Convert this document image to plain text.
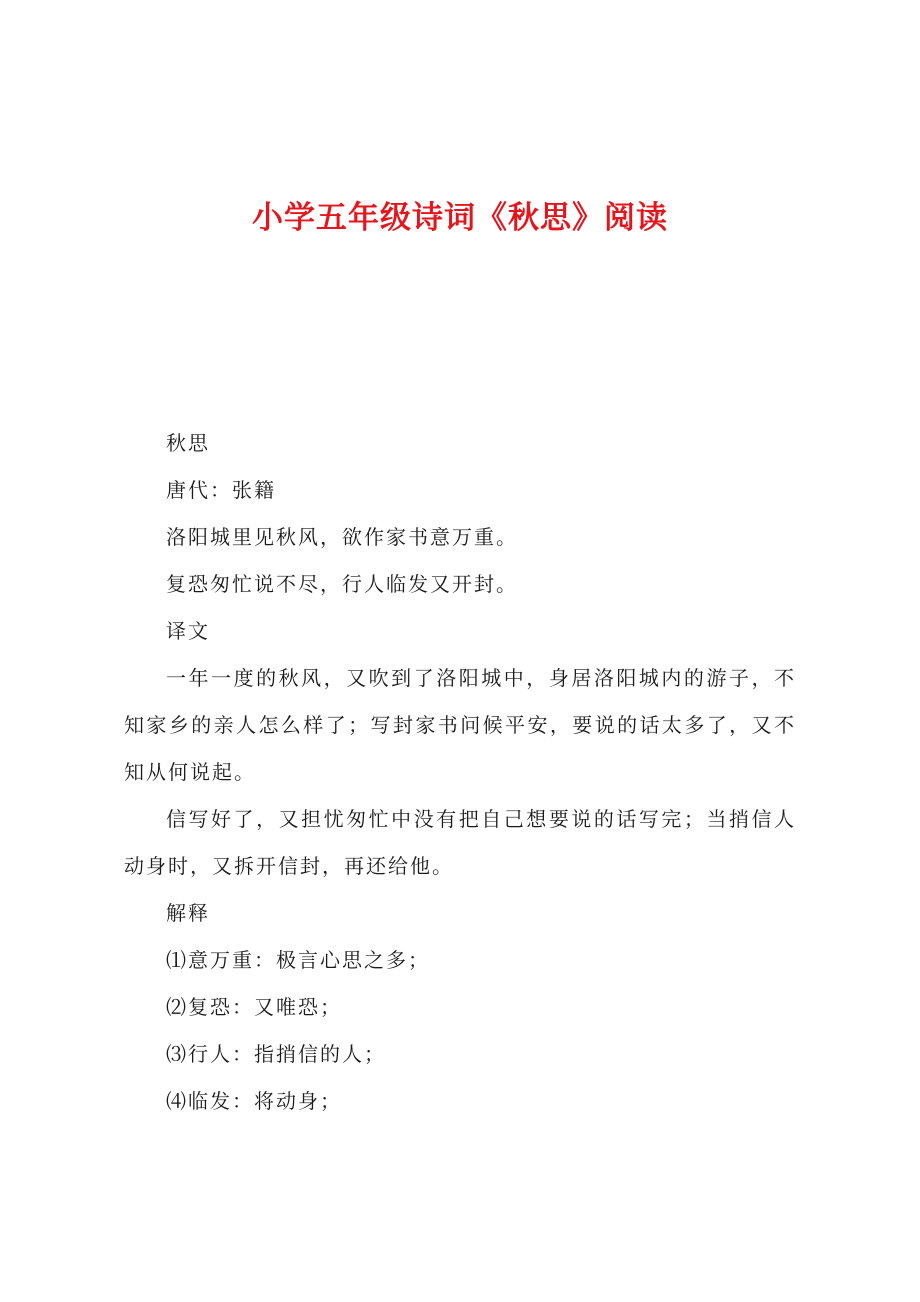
小学五年级诗词《秋思》阅读

秋思

唐代：张籍

洛阳城里见秋风，欲作家书意万重。

复恐匆忙说不尽，行人临发又开封。

译文

一年一度的秋风，又吹到了洛阳城中，身居洛阳城内的游子，不知家乡的亲人怎么样了；写封家书问候平安，要说的话太多了，又不知从何说起。

信写好了，又担忧匆忙中没有把自己想要说的话写完；当捎信人动身时，又拆开信封，再还给他。

解释

⑴意万重：极言心思之多；

⑵复恐：又唯恐；

⑶行人：指捎信的人；

⑷临发：将动身；
